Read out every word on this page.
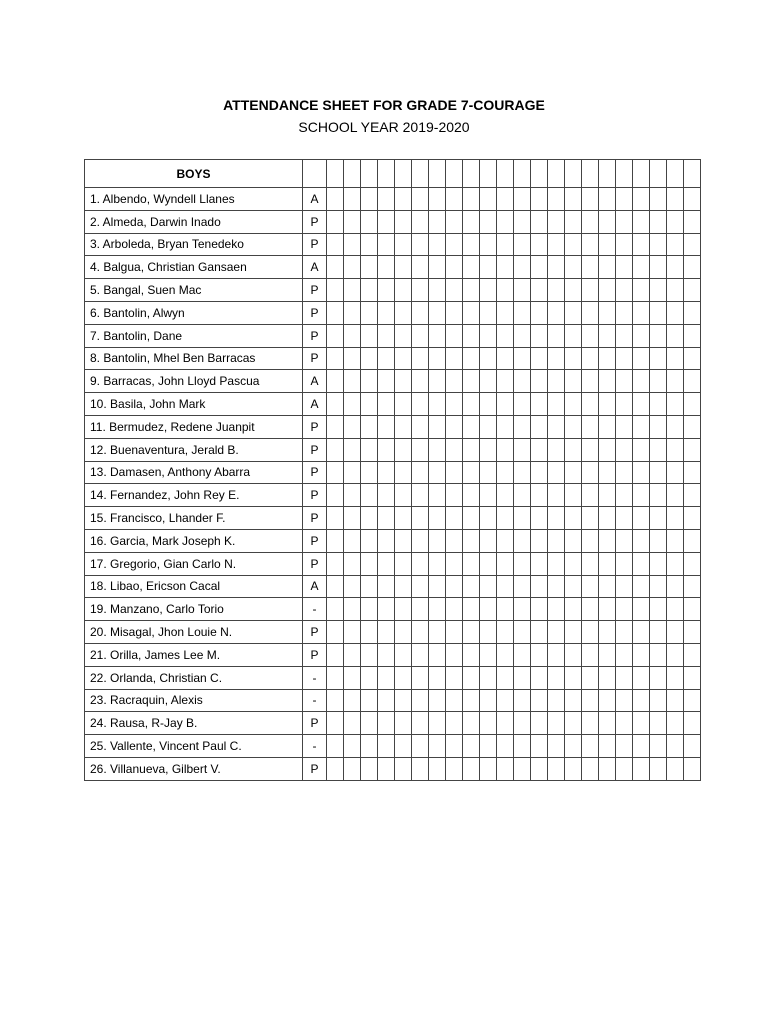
ATTENDANCE SHEET FOR GRADE 7-COURAGE
SCHOOL YEAR 2019-2020
BOYS																							
1. Albendo, Wyndell Llanes	A																						
2. Almeda, Darwin Inado	P																						
3. Arboleda, Bryan Tenedeko	P																						
4. Balgua, Christian Gansaen	A																						
5. Bangal, Suen Mac	P																						
6. Bantolin, Alwyn	P																						
7. Bantolin, Dane	P																						
8. Bantolin, Mhel Ben Barracas	P																						
9. Barracas, John Lloyd Pascua	A																						
10. Basila, John Mark	A																						
11. Bermudez, Redene Juanpit	P																						
12. Buenaventura, Jerald B.	P																						
13. Damasen, Anthony Abarra	P																						
14. Fernandez, John Rey E.	P																						
15. Francisco, Lhander F.	P																						
16. Garcia, Mark Joseph K.	P																						
17. Gregorio, Gian Carlo N.	P																						
18. Libao, Ericson Cacal	A																						
19. Manzano, Carlo Torio	-																						
20. Misagal, Jhon Louie N.	P																						
21. Orilla, James Lee M.	P																						
22. Orlanda, Christian C.	-																						
23. Racraquin, Alexis	-																						
24. Rausa, R-Jay B.	P																						
25. Vallente, Vincent Paul C.	-																						
26. Villanueva, Gilbert V.	P																						
